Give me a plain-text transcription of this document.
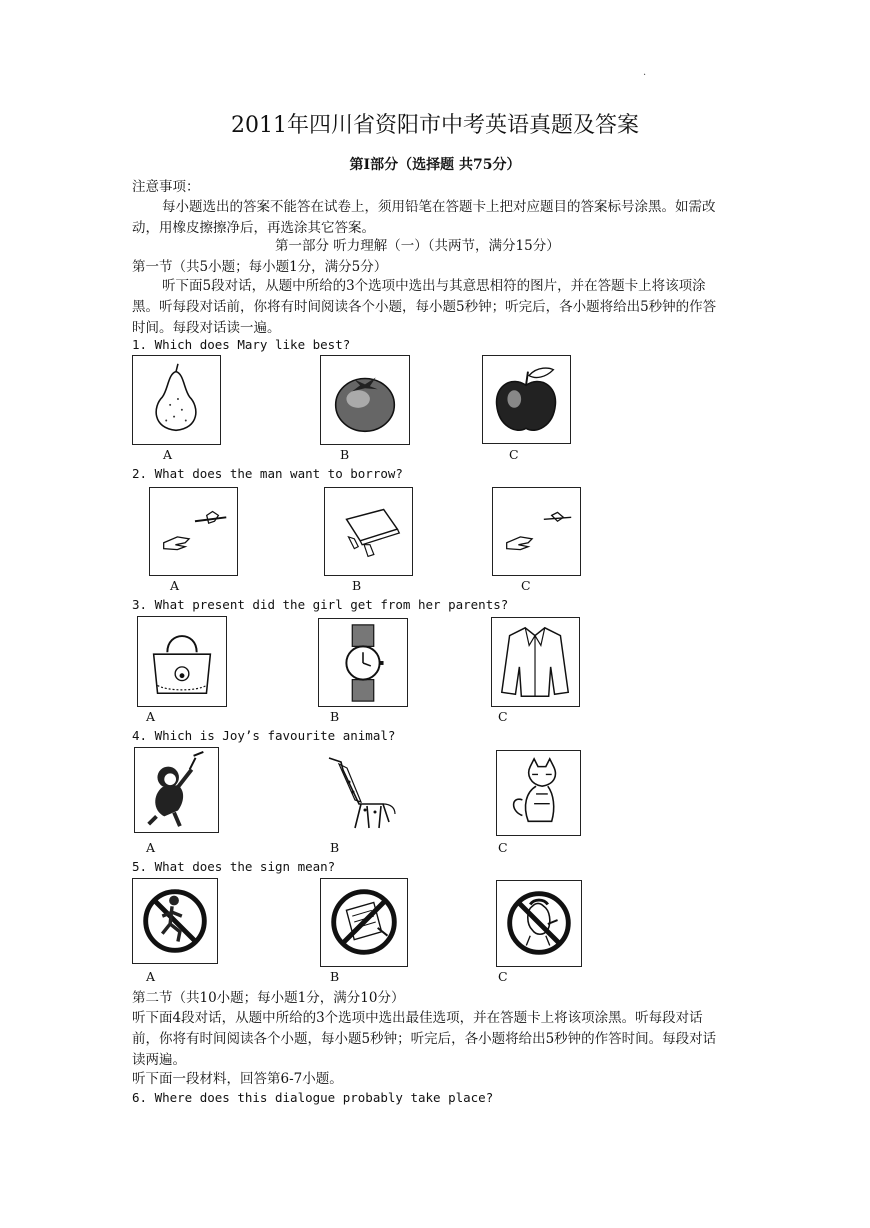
·
2011年四川省资阳市中考英语真题及答案
第Ⅰ部分（选择题 共75分）
注意事项：
每小题选出的答案不能答在试卷上，须用铅笔在答题卡上把对应题目的答案标号涂黑。如需改动，用橡皮擦擦净后，再选涂其它答案。
第一部分 听力理解（一）（共两节，满分15分）
第一节（共5小题；每小题1分，满分5分）
听下面5段对话，从题中所给的3个选项中选出与其意思相符的图片，并在答题卡上将该项涂黑。听每段对话前，你将有时间阅读各个小题，每小题5秒钟；听完后，各小题将给出5秒钟的作答时间。每段对话读一遍。
1. Which does Mary like best?
A	B	C
2. What does the man want to borrow?
A	B	C
3. What present did the girl get from her parents?
A	B	C
4. Which is Joy’s favourite animal?
A	B	C
5. What does the sign mean?
A	B	C
第二节（共10小题；每小题1分，满分10分）
听下面4段对话，从题中所给的3个选项中选出最佳选项，并在答题卡上将该项涂黑。听每段对话前，你将有时间阅读各个小题，每小题5秒钟；听完后，各小题将给出5秒钟的作答时间。每段对话读两遍。
听下面一段材料，回答第6-7小题。
6. Where does this dialogue probably take place?
